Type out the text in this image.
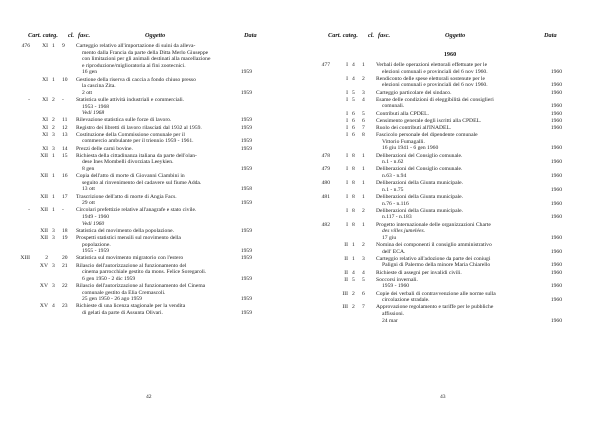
Cart. categ. cl. fasc.	Oggetto	Data
476	XI 1 9 Carteggio relativo all'importazione di suini da alleva-
mento dalla Francia da parte della Ditta Merlo Giuseppe
con limitazioni per gli animali destinati alla macellazione
e riproduzione/miglioratoria ai fini zootecnici.
16 gen	1959
XI 1 10 Gestione della riserva di caccia a fondo chiuso presso
la cascina Zita.
2 ott	1959
-	XI 2 - Statistica sulle attività industriali e commerciali.
1953 - 1968
Vedi 1968
XI 2 11 Rilevazione statistica sulle forze di lavoro.	1959
XI 2 12 Registro dei libretti di lavoro rilasciati dal 1932 al 1959.	1959
XI 3 13 Costituzione della Commissione comunale per il
commercio ambulante per il triennio 1959 - 1961.	1959
XI 3 14 Prezzi delle carni bovine.	1959
XII 1 15 Richiesta della cittadinanza italiana da parte dell'olan-
dese Ines Mombelli divorziata Leeykien.
8 gen	1959
XII 1 16 Copia dell'atto di morte di Giovanni Ciambini in
seguito al rinvenimento del cadavere sul fiume Adda.
13 ott	1958
XII 1 17 Trascrizione dell'atto di morte di Angia Facs.
29 ott	1959
-	XII 1 - Circolari prefettizie relative all'anagrafe e stato civile.
1949 - 1960
Vedi 1960
XII 3 18 Statistica del movimento della popolazione.	1959
XII 3 19 Prospetti statistici mensili sul movimento della
popolazione.
1955 - 1959	1959
XIII	2	20 Statistica sul movimento migratorio con l'estero	1959
XV 3 21 Rilascio dell'autorizzazione al funzionamento del
cinema parrocchiale gestito da mons. Felice Soregaroli.
6 gen 1950 - 2 dic 1959	1959
XV 3 22 Rilascio dell'autorizzazione al funzionamento del Cinema
comunale gestito da Elia Cremascoli.
25 gen 1950 - 26 ago 1959	1959
XV 4 23 Richieste di una licenza stagionale per la vendita
di gelati da parte di Assunta Olivari.	1959
42
Cart. categ. cl. fasc.	Oggetto	Data
1960
477	I 4 1 Verbali delle operazioni elettorali effettuate per le
elezioni comunali e provinciali del 6 nov 1960.	1960
I 4 2 Rendiconto delle spese elettorali sostenute per le
elezioni comunali e provinciali del 6 nov 1960.	1960
I 5 3 Carteggio particolare del sindaco.	1960
I 5 4 Esame delle condizioni di eleggibilità dei consiglieri
comunali.	1960
I 6 5 Contributi alla CPDEL.	1960
I 6 6 Censimento generale degli iscritti alla CPDEL.	1960
I 6 7 Ruolo dei contributi all'INADEL.	1960
I 6 8 Fascicolo personale del dipendente comunale
Vittorio Fumagalli.
16 giu 1941 - 6 gen 1960	1960
478	I 8 1 Deliberazioni del Consiglio comunale.
n.1 - n.62	1960
479	I 8 1 Deliberazioni del Consiglio comunale.
n.63 - n.94	1960
480	I 8 1 Deliberazioni della Giunta municipale.
n.1 - n.75	1960
481	I 8 1 Deliberazioni della Giunta municipale.
n.76 - n.116	1960
I 8 2 Deliberazioni della Giunta municipale.
n.117 - n.183	1960
482	I 8 1 Progetto internazionale delle organizzazioni Charte
des villes jumelées.
17 giu	1960
II 1 2 Nomina dei componenti il consiglio amministrativo
dell' ECA.	1960
II 1 3 Carteggio relativo all'adozione da parte dei coniugi
Paligni di Palermo della minore Maria Chiarello	1960
II 4 4 Richieste di assegni per invalidi civili.	1960
II 5 5 Soccorsi invernali.
1959 - 1960	1960
III 2 6 Copie dei verbali di contravvenzione alle norme sulla
circolazione stradale.	1960
III 2 7 Approvazione regolamento e tariffe per le pubbliche
affissioni.
24 mar	1960
43
